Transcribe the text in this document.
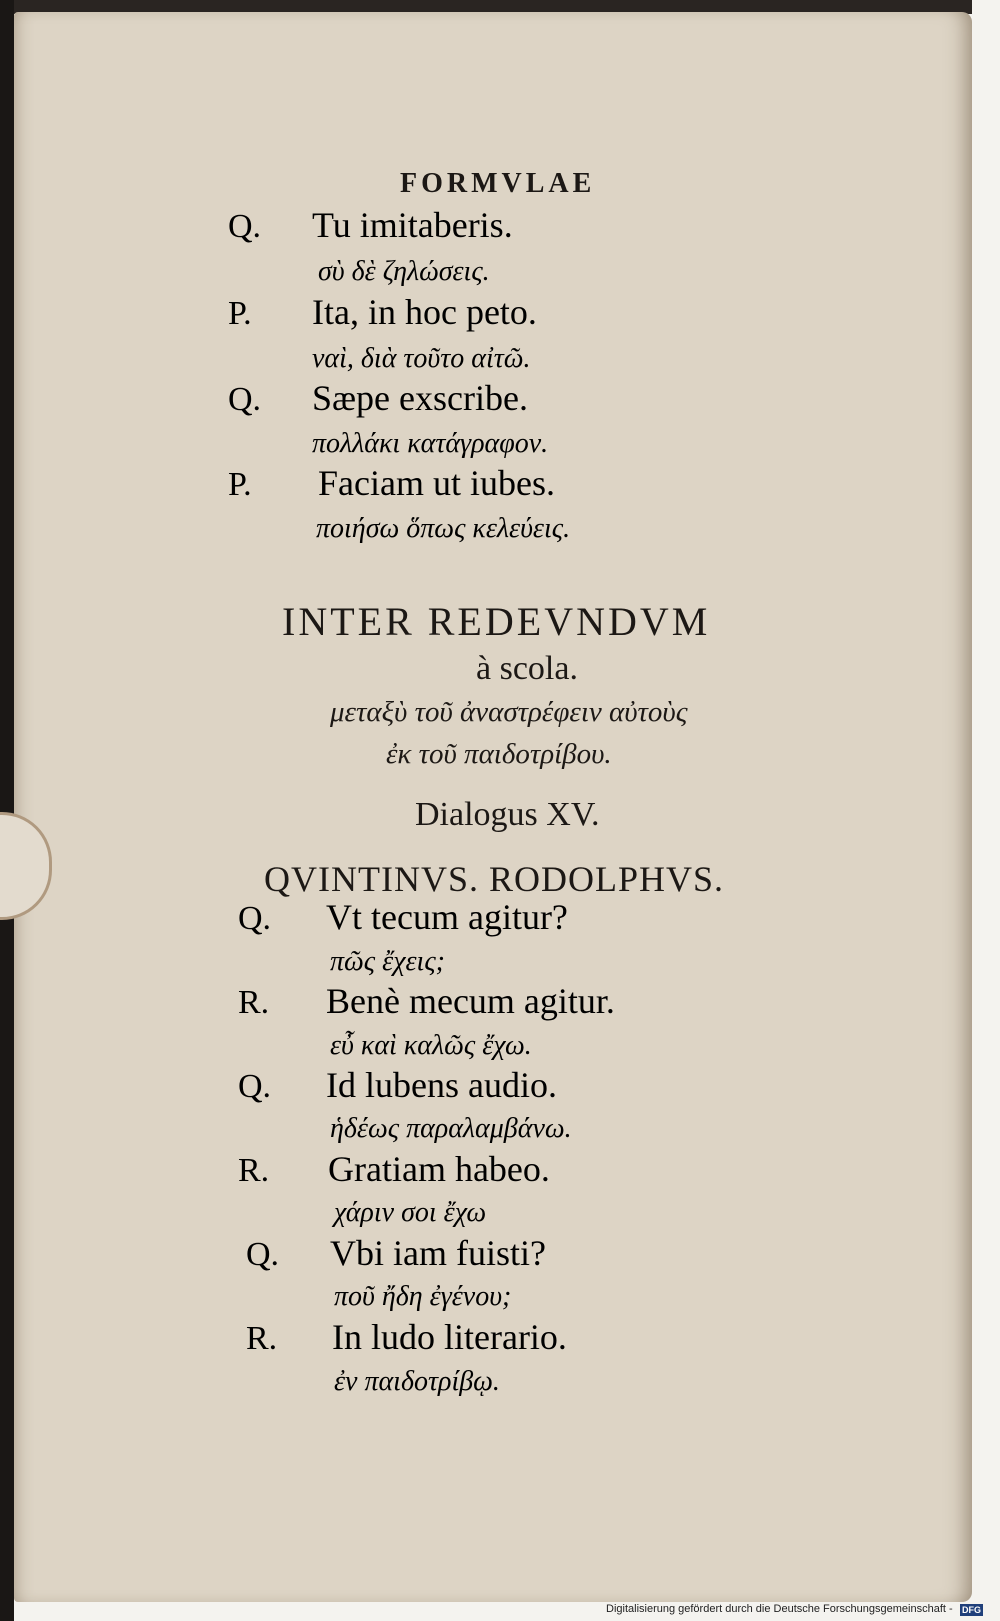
FORMVLAE
Q. Tu imitaberis.
σὺ δὲ ζηλώσεις.
P. Ita, in hoc peto.
ναὶ, διὰ τοῦτο αἰτῶ.
Q. Sæpe exscribe.
πολλάκι κατάγραφον.
P. Faciam ut iubes.
ποιήσω ὅπως κελεύεις.
INTER REDEVNDVM
à scola.
μεταξὺ τοῦ ἀναστρέφειν αὐτοὺς
ἐκ τοῦ παιδοτρίβου.
Dialogus XV.
QVINTINVS. RODOLPHVS.
Q. Vt tecum agitur?
πῶς ἔχεις;
R. Benè mecum agitur.
εὖ καὶ καλῶς ἔχω.
Q. Id lubens audio.
ἡδέως παραλαμβάνω.
R. Gratiam habeo.
χάριν σοι ἔχω
Q. Vbi iam fuisti?
ποῦ ἤδη ἐγένου;
R. In ludo literario.
ἐν παιδοτρίβῳ.
Digitalisierung gefördert durch die Deutsche Forschungsgemeinschaft - DFG
